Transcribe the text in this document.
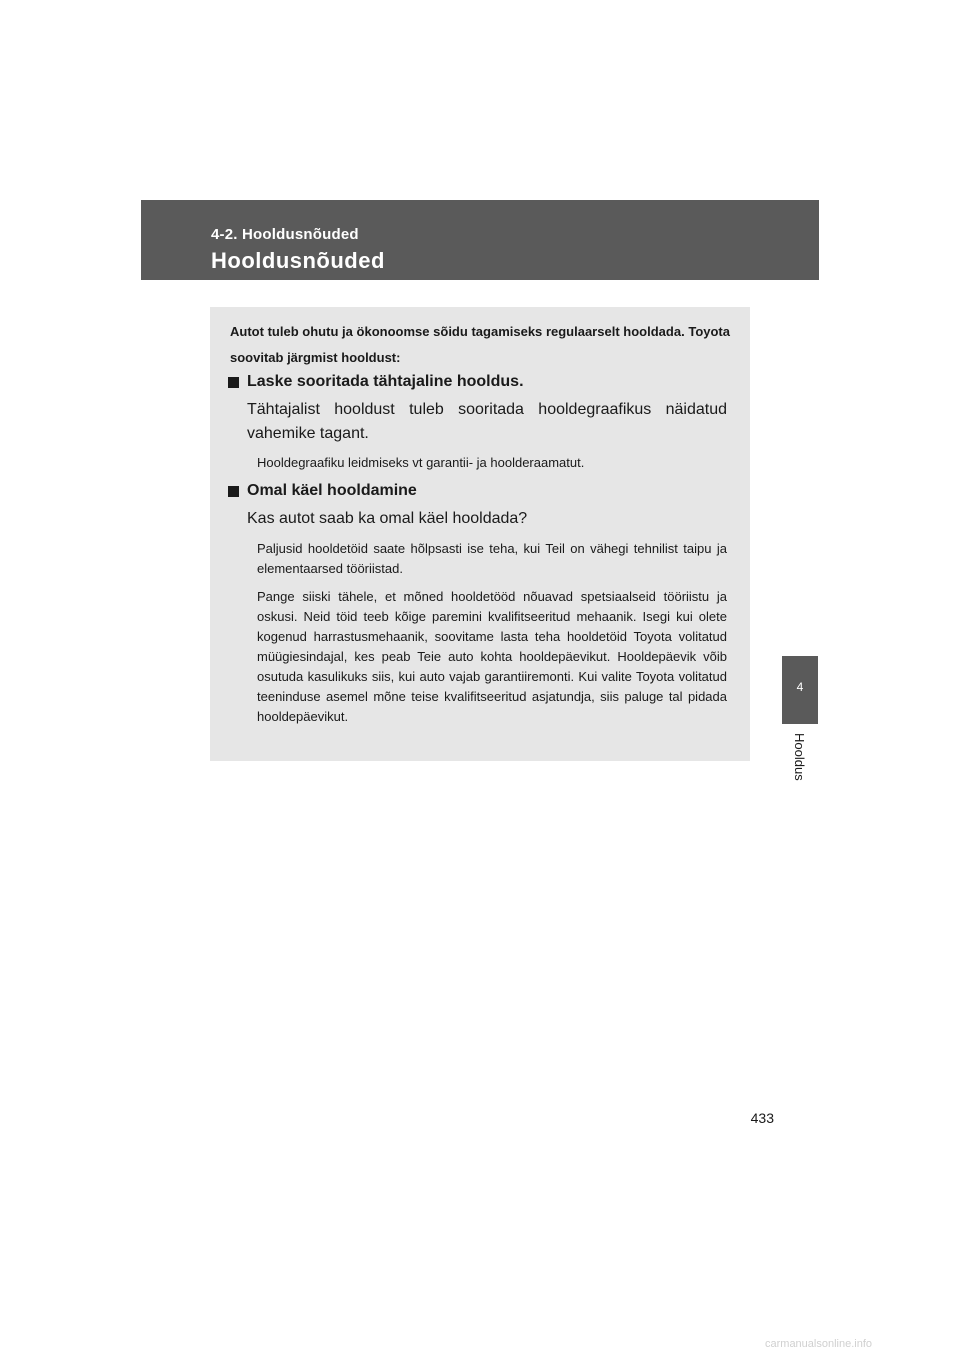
4-2. Hooldusnõuded
Hooldusnõuded
Autot tuleb ohutu ja ökonoomse sõidu tagamiseks regulaarselt hooldada. Toyota soovitab järgmist hooldust:
Laske sooritada tähtajaline hooldus.
Tähtajalist hooldust tuleb sooritada hooldegraafikus näidatud vahemike tagant.
Hooldegraafiku leidmiseks vt garantii- ja hoolderaamatut.
Omal käel hooldamine
Kas autot saab ka omal käel hooldada?
Paljusid hooldetöid saate hõlpsasti ise teha, kui Teil on vähegi tehnilist taipu ja elementaarsed tööriistad.
Pange siiski tähele, et mõned hooldetööd nõuavad spetsiaalseid tööriistu ja oskusi. Neid töid teeb kõige paremini kvalifitseeritud mehaanik. Isegi kui olete kogenud harrastusmehaanik, soovitame lasta teha hooldetöid Toyota volitatud müügiesindajal, kes peab Teie auto kohta hooldepäevikut. Hooldepäevik võib osutuda kasulikuks siis, kui auto vajab garantiiremonti. Kui valite Toyota volitatud teeninduse asemel mõne teise kvalifitseeritud asjatundja, siis paluge tal pidada hooldepäevikut.
4
Hooldus
433
carmanualsonline.info
